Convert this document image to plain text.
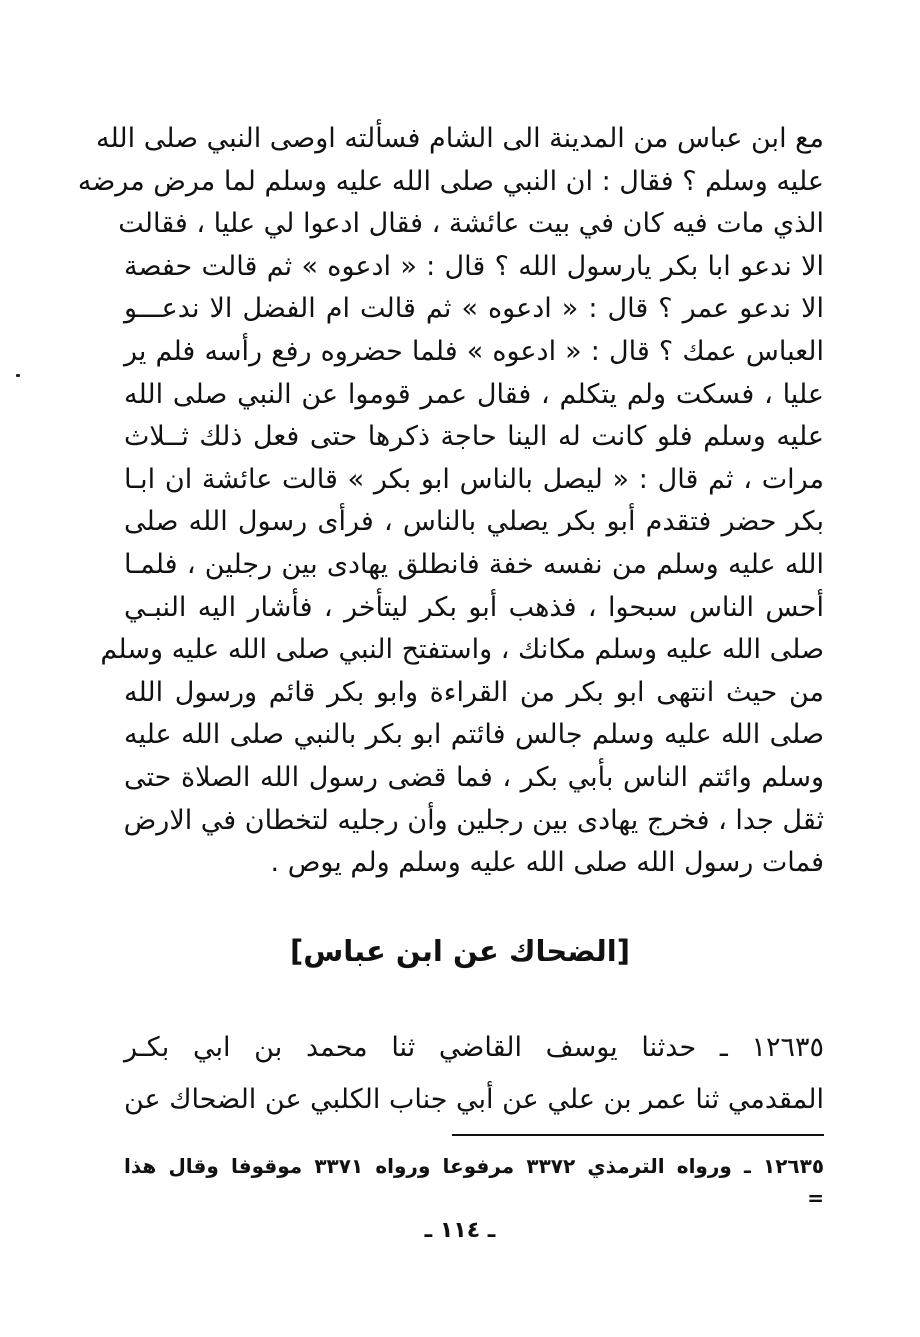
مع ابن عباس من المدينة الى الشام فسألته اوصى النبي صلى الله
عليه وسلم ؟ فقال : ان النبي صلى الله عليه وسلم لما مرض مرضه
الذي مات فيه كان في بيت عائشة ، فقال ادعوا لي عليا ، فقالت
الا ندعو ابا بكر يارسول الله ؟ قال : « ادعوه » ثم قالت حفصة
الا ندعو عمر ؟ قال : « ادعوه » ثم قالت ام الفضل الا ندعـــو
العباس عمك ؟ قال : « ادعوه » فلما حضروه رفع رأسه فلم ير
عليا ، فسكت ولم يتكلم ، فقال عمر قوموا عن النبي صلى الله
عليه وسلم فلو كانت له الينا حاجة ذكرها حتى فعل ذلك ثــلاث
مرات ، ثم قال : « ليصل بالناس ابو بكر » قالت عائشة ان ابـا
بكر حضر فتقدم أبو بكر يصلي بالناس ، فرأى رسول الله صلى
الله عليه وسلم من نفسه خفة فانطلق يهادى بين رجلين ، فلمـا
أحس الناس سبحوا ، فذهب أبو بكر ليتأخر ، فأشار اليه النبـي
صلى الله عليه وسلم مكانك ، واستفتح النبي صلى الله عليه وسلم
من حيث انتهى ابو بكر من القراءة وابو بكر قائم ورسول الله
صلى الله عليه وسلم جالس فائتم ابو بكر بالنبي صلى الله عليه
وسلم وائتم الناس بأبي بكر ، فما قضى رسول الله الصلاة حتى
ثقل جدا ، فخرج يهادى بين رجلين وأن رجليه لتخطان في الارض
فمات رسول الله صلى الله عليه وسلم ولم يوص .
[الضحاك عن ابن عباس]
١٢٦٣٥ ـ حدثنا يوسف القاضي ثنا محمد بن ابي بكـر
المقدمي ثنا عمر بن علي عن أبي جناب الكلبي عن الضحاك عن
١٢٦٣٥ ـ ورواه الترمذي ٣٣٧٢ مرفوعا ورواه ٣٣٧١ موقوفا وقال هذا
=
ـ ١١٤ ـ
